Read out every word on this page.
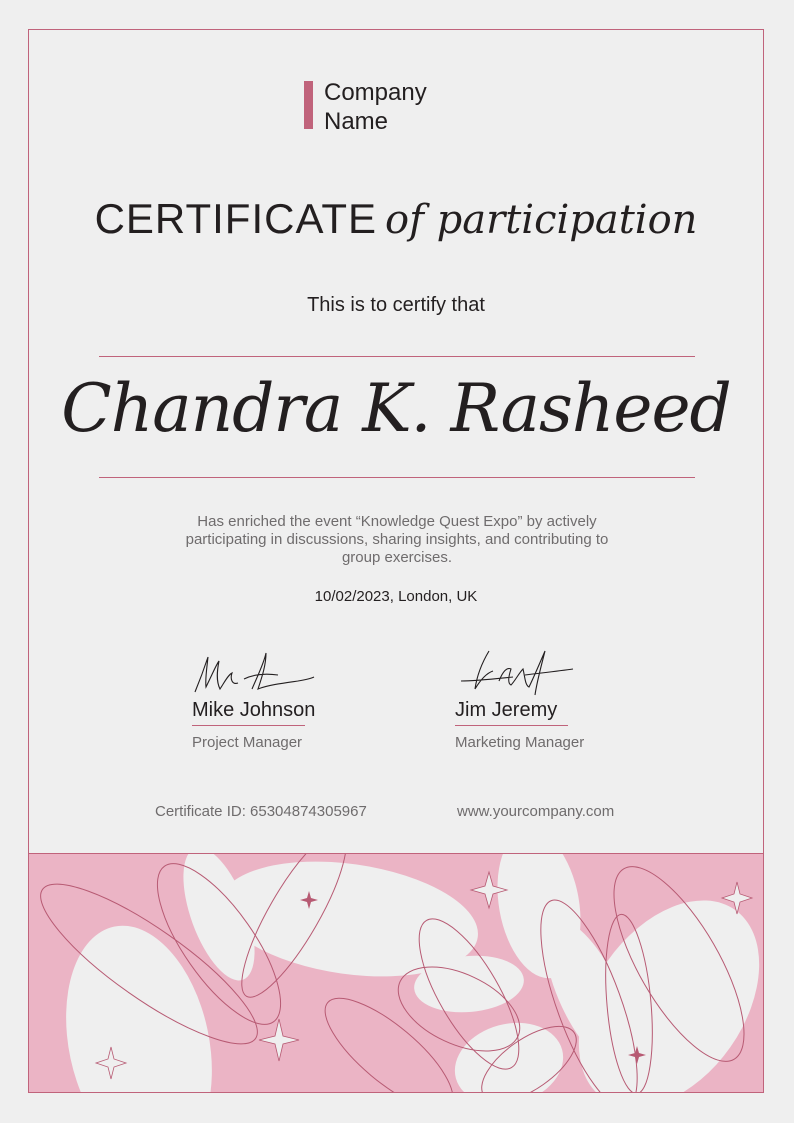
Company
Name
CERTIFICATE of participation
This is to certify that
Chandra K. Rasheed
Has enriched the event “Knowledge Quest Expo” by actively participating in discussions, sharing insights, and contributing to group exercises.
10/02/2023, London, UK
Mike Johnson
Project Manager
Jim Jeremy
Marketing Manager
Certificate ID: 65304874305967	www.yourcompany.com
